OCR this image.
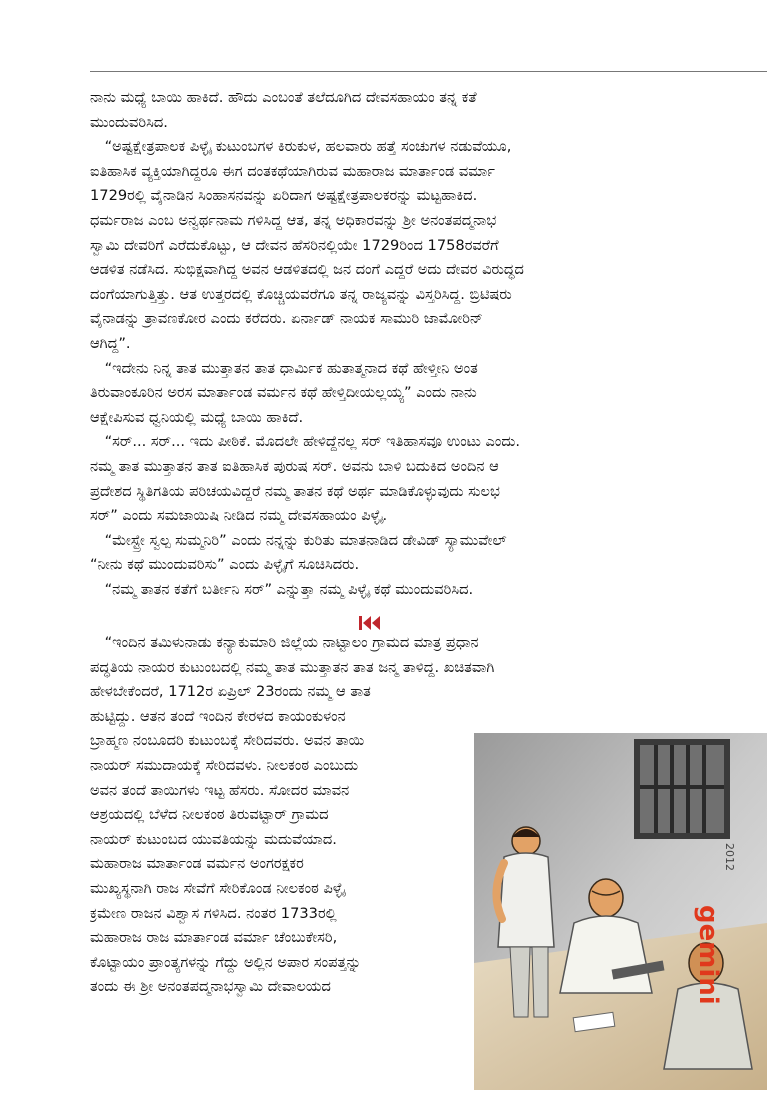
ನಾನು ಮಧ್ಯೆ ಬಾಯಿ ಹಾಕಿದೆ. ಹೌದು ಎಂಬಂತೆ ತಲೆದೂಗಿದ ದೇವಸಹಾಯಂ ತನ್ನ ಕತೆ
ಮುಂದುವರಿಸಿದ.

 “ಅಷ್ಟಕ್ಷೇತ್ರಪಾಲಕ ಪಿಳ್ಳೈ ಕುಟುಂಬಗಳ ಕಿರುಕುಳ, ಹಲವಾರು ಹತ್ತೆ ಸಂಚುಗಳ ನಡುವೆಯೂ,
ಐತಿಹಾಸಿಕ ವ್ಯಕ್ತಿಯಾಗಿದ್ದರೂ ಈಗ ದಂತಕಥೆಯಾಗಿರುವ ಮಹಾರಾಜ ಮಾರ್ತಾಂಡ ವರ್ಮಾ
1729ರಲ್ಲಿ ವೈನಾಡಿನ ಸಿಂಹಾಸನವನ್ನು ಏರಿದಾಗ ಅಷ್ಟಕ್ಷೇತ್ರಪಾಲಕರನ್ನು ಮಟ್ಟಹಾಕಿದ.
ಧರ್ಮರಾಜ ಎಂಬ ಅನ್ವರ್ಥನಾಮ ಗಳಿಸಿದ್ದ ಆತ, ತನ್ನ ಅಧಿಕಾರವನ್ನು ಶ್ರೀ ಅನಂತಪದ್ಮನಾಭ
ಸ್ವಾಮಿ ದೇವರಿಗೆ ಎರೆದುಕೊಟ್ಟು, ಆ ದೇವನ ಹೆಸರಿನಲ್ಲಿಯೇ 1729ರಿಂದ 1758ರವರೆಗೆ
ಆಡಳಿತ ನಡೆಸಿದ. ಸುಭಿಕ್ಷವಾಗಿದ್ದ ಅವನ ಆಡಳಿತದಲ್ಲಿ ಜನ ದಂಗೆ ಎದ್ದರೆ ಅದು ದೇವರ ವಿರುದ್ಧದ
ದಂಗೆಯಾಗುತ್ತಿತ್ತು. ಆತ ಉತ್ತರದಲ್ಲಿ ಕೊಚ್ಚಿಯವರೆಗೂ ತನ್ನ ರಾಜ್ಯವನ್ನು ವಿಸ್ತರಿಸಿದ್ದ. ಬ್ರಿಟಿಷರು
ವೈನಾಡನ್ನು ತ್ರಾವಣಕೋರ ಎಂದು ಕರೆದರು. ಏರ್ನಾಡ್ ನಾಯಕ ಸಾಮುರಿ ಜಾಮೋರಿನ್
ಆಗಿದ್ದ”.

 “ಇದೇನು ನಿನ್ನ ತಾತ ಮುತ್ತಾತನ ತಾತ ಧಾರ್ಮಿಕ ಹುತಾತ್ಮನಾದ ಕಥೆ ಹೇಳ್ತೀನಿ ಅಂತ
ತಿರುವಾಂಕೂರಿನ ಅರಸ ಮಾರ್ತಾಂಡ ವರ್ಮನ ಕಥೆ ಹೇಳ್ತಿದೀಯಲ್ಲಯ್ಯ” ಎಂದು ನಾನು
ಆಕ್ಷೇಪಿಸುವ ಧ್ವನಿಯಲ್ಲಿ ಮಧ್ಯೆ ಬಾಯಿ ಹಾಕಿದೆ.

 “ಸರ್... ಸರ್... ಇದು ಪೀಠಿಕೆ. ಮೊದಲೇ ಹೇಳಿದ್ದೆನಲ್ಲ ಸರ್ ಇತಿಹಾಸವೂ ಉಂಟು ಎಂದು.
ನಮ್ಮ ತಾತ ಮುತ್ತಾತನ ತಾತ ಐತಿಹಾಸಿಕ ಪುರುಷ ಸರ್. ಅವನು ಬಾಳಿ ಬದುಕಿದ ಅಂದಿನ ಆ
ಪ್ರದೇಶದ ಸ್ಥಿತಿಗತಿಯ ಪರಿಚಯವಿದ್ದರೆ ನಮ್ಮ ತಾತನ ಕಥೆ ಅರ್ಥ ಮಾಡಿಕೊಳ್ಳುವುದು ಸುಲಭ
ಸರ್” ಎಂದು ಸಮಜಾಯಿಷಿ ನೀಡಿದ ನಮ್ಮ ದೇವಸಹಾಯಂ ಪಿಳ್ಳೈ.

 “ಮೇಸ್ಟ್ರೇ ಸ್ವಲ್ಪ ಸುಮ್ಮನಿರಿ” ಎಂದು ನನ್ನನ್ನು ಕುರಿತು ಮಾತನಾಡಿದ ಡೇವಿಡ್ ಸ್ಯಾಮುವೇಲ್
“ನೀನು ಕಥೆ ಮುಂದುವರಿಸು” ಎಂದು ಪಿಳ್ಳೈಗೆ ಸೂಚಿಸಿದರು.

 “ನಮ್ಮ ತಾತನ ಕತೆಗೆ ಬರ್ತೀನಿ ಸರ್” ಎನ್ನುತ್ತಾ ನಮ್ಮ ಪಿಳ್ಳೈ ಕಥೆ ಮುಂದುವರಿಸಿದ.

 “ಇಂದಿನ ತಮಿಳುನಾಡು ಕನ್ಯಾಕುಮಾರಿ ಜಿಲ್ಲೆಯ ನಾಟ್ಟಾಲಂ ಗ್ರಾಮದ ಮಾತ್ರ ಪ್ರಧಾನ
ಪದ್ಧತಿಯ ನಾಯರ ಕುಟುಂಬದಲ್ಲಿ ನಮ್ಮ ತಾತ ಮುತ್ತಾತನ ತಾತ ಜನ್ಮ ತಾಳಿದ್ದ. ಖಚಿತವಾಗಿ
ಹೇಳಬೇಕೆಂದರೆ, 1712ರ ಏಪ್ರಿಲ್ 23ರಂದು ನಮ್ಮ ಆ ತಾತ

ಹುಟ್ಟಿದ್ದು. ಆತನ ತಂದೆ ಇಂದಿನ ಕೇರಳದ ಕಾಯಂಕುಳಂನ
ಬ್ರಾಹ್ಮಣ ನಂಬೂದರಿ ಕುಟುಂಬಕ್ಕೆ ಸೇರಿದವರು. ಅವನ ತಾಯಿ
ನಾಯರ್ ಸಮುದಾಯಕ್ಕೆ ಸೇರಿದವಳು. ನೀಲಕಂಠ ಎಂಬುದು
ಅವನ ತಂದೆ ತಾಯಿಗಳು ಇಟ್ಟ ಹೆಸರು. ಸೋದರ ಮಾವನ
ಆಶ್ರಯದಲ್ಲಿ ಬೆಳೆದ ನೀಲಕಂಠ ತಿರುವಟ್ಟಾರ್ ಗ್ರಾಮದ
ನಾಯರ್ ಕುಟುಂಬದ ಯುವತಿಯನ್ನು ಮದುವೆಯಾದ.
ಮಹಾರಾಜ ಮಾರ್ತಾಂಡ ವರ್ಮನ ಅಂಗರಕ್ಷಕರ
ಮುಖ್ಯಸ್ಥನಾಗಿ ರಾಜ ಸೇವೆಗೆ ಸೇರಿಕೊಂಡ ನೀಲಕಂಠ ಪಿಳ್ಳೈ
ಕ್ರಮೇಣ ರಾಜನ ವಿಶ್ವಾಸ ಗಳಿಸಿದ. ನಂತರ 1733ರಲ್ಲಿ
ಮಹಾರಾಜ ರಾಜ ಮಾರ್ತಾಂಡ ವರ್ಮಾ ಚೆಂಬುಕೇಸರಿ,
ಕೊಟ್ಟಾಯಂ ಪ್ರಾಂತ್ಯಗಳನ್ನು ಗೆದ್ದು ಅಲ್ಲಿನ ಅಪಾರ ಸಂಪತ್ತನ್ನು
ತಂದು ಈ ಶ್ರೀ ಅನಂತಪದ್ಮನಾಭಸ್ವಾಮಿ ದೇವಾಲಯದ	gemini
2012
